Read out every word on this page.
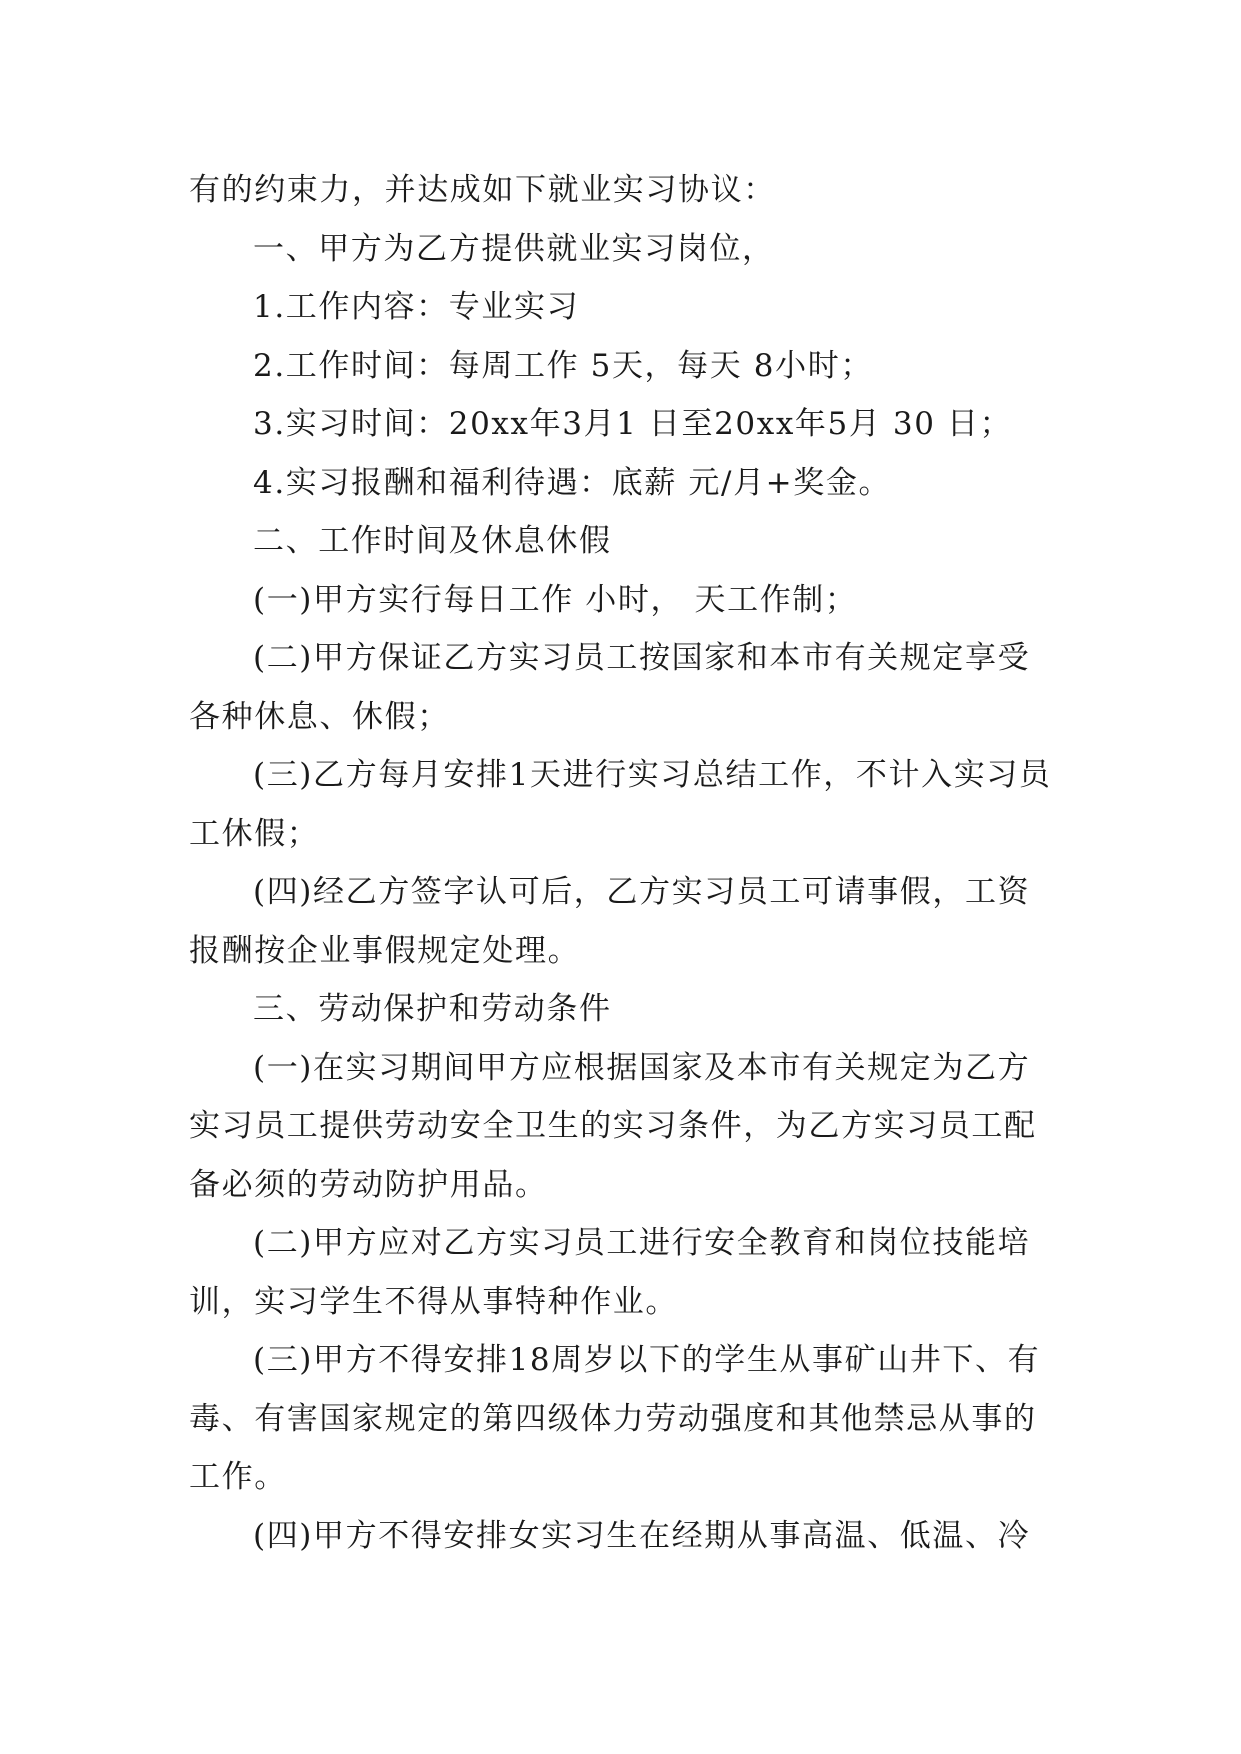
有的约束力，并达成如下就业实习协议：

一、甲方为乙方提供就业实习岗位，

1.工作内容：专业实习

2.工作时间：每周工作 5天，每天 8小时；

3.实习时间：20xx年3月1 日至20xx年5月 30 日；

4.实习报酬和福利待遇：底薪 元/月+奖金。

二、工作时间及休息休假

(一)甲方实行每日工作 小时， 天工作制；

(二)甲方保证乙方实习员工按国家和本市有关规定享受各种休息、休假；

(三)乙方每月安排1天进行实习总结工作，不计入实习员工休假；

(四)经乙方签字认可后，乙方实习员工可请事假，工资报酬按企业事假规定处理。

三、劳动保护和劳动条件

(一)在实习期间甲方应根据国家及本市有关规定为乙方实习员工提供劳动安全卫生的实习条件，为乙方实习员工配备必须的劳动防护用品。

(二)甲方应对乙方实习员工进行安全教育和岗位技能培训，实习学生不得从事特种作业。

(三)甲方不得安排18周岁以下的学生从事矿山井下、有毒、有害国家规定的第四级体力劳动强度和其他禁忌从事的工作。

(四)甲方不得安排女实习生在经期从事高温、低温、冷
